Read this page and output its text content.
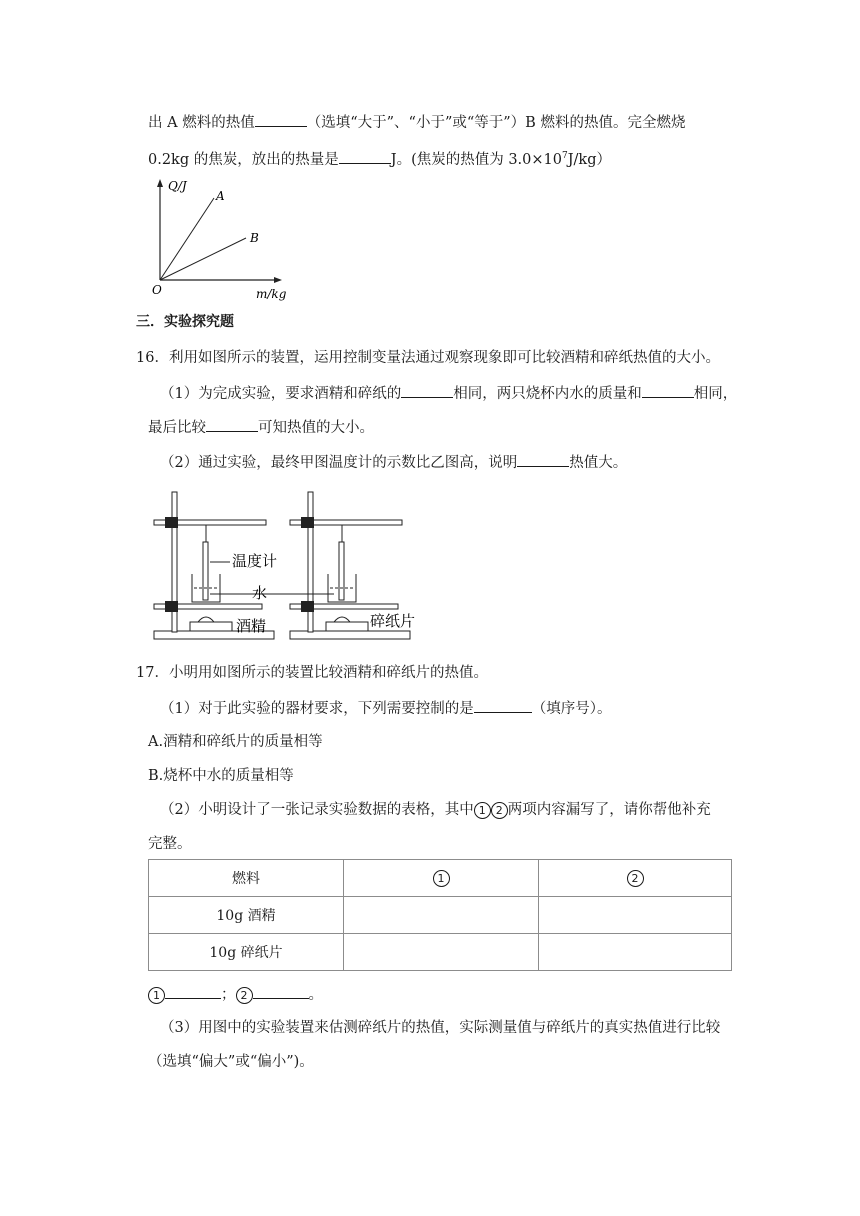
出 A 燃料的热值	（选填“大于”、“小于”或“等于”）B 燃料的热值。完全燃烧
0.2kg 的焦炭，放出的热量是	J。(焦炭的热值为 $3.0\times 10^7J/kg$）
Q/J
A
B
O	m/kg
三．实验探究题
16．利用如图所示的装置，运用控制变量法通过观察现象即可比较酒精和碎纸热值的大小。
（1）为完成实验，要求酒精和碎纸的	相同，两只烧杯内水的质量和	相同，
最后比较	可知热值的大小。
（2）通过实验，最终甲图温度计的示数比乙图高，说明	热值大。
温度计
水
酒精	碎纸片
17．小明用如图所示的装置比较酒精和碎纸片的热值。
（1）对于此实验的器材要求，下列需要控制的是	（填序号）。
A.酒精和碎纸片的质量相等
B.烧杯中水的质量相等
（2）小明设计了一张记录实验数据的表格，其中 1 2 两项内容漏写了，请你帮他补充
完整。
燃料	1	2
10g 酒精		
10g 碎纸片		
1	； 2	。
（3）用图中的实验装置来估测碎纸片的热值，实际测量值与碎纸片的真实热值进行比较
（选填“偏大”或“偏小”)。
